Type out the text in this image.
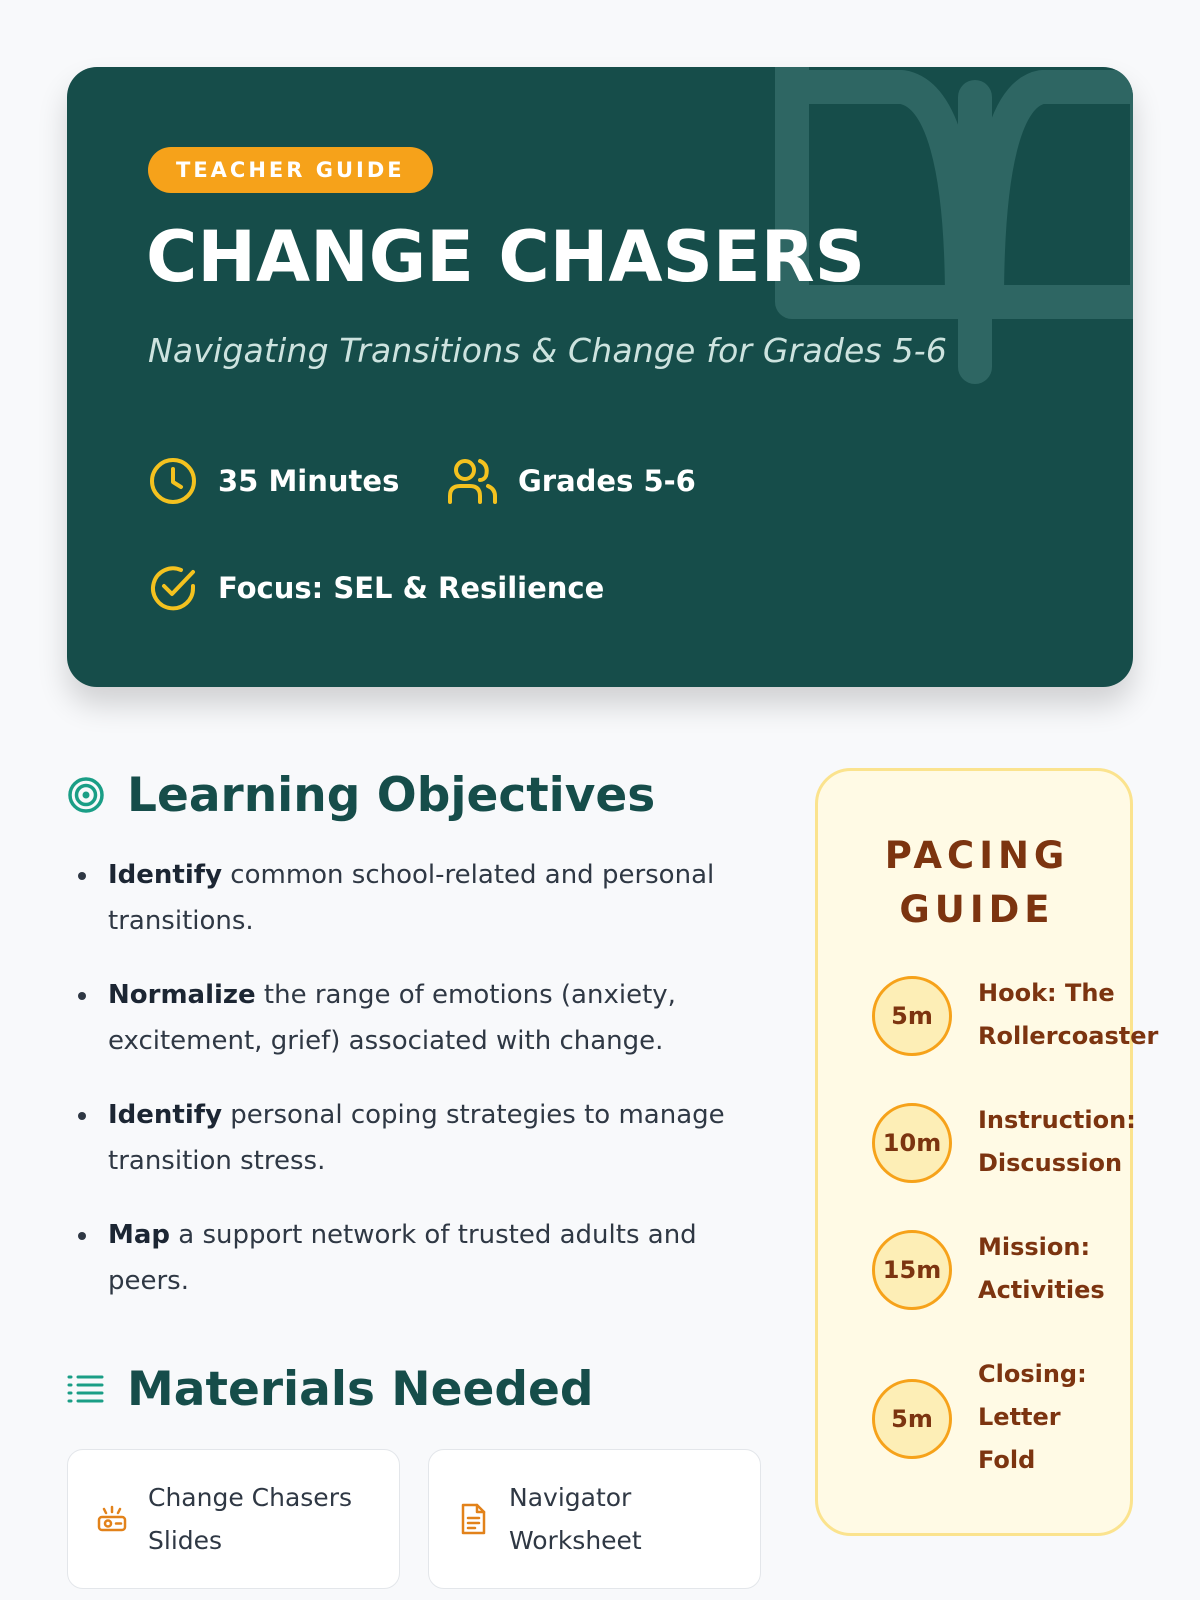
TEACHER GUIDE
CHANGE CHASERS
Navigating Transitions & Change for Grades 5-6
35 Minutes	Grades 5-6
Focus: SEL & Resilience
Learning Objectives
Identify common school-related and personal transitions.
Normalize the range of emotions (anxiety, excitement, grief) associated with change.
Identify personal coping strategies to manage transition stress.
Map a support network of trusted adults and peers.
Materials Needed
Change Chasers Slides
Navigator Worksheet
PACING GUIDE
5m
Hook: The Rollercoaster
10m
Instruction: Discussion
15m
Mission: Activities
5m
Closing: Letter Fold
